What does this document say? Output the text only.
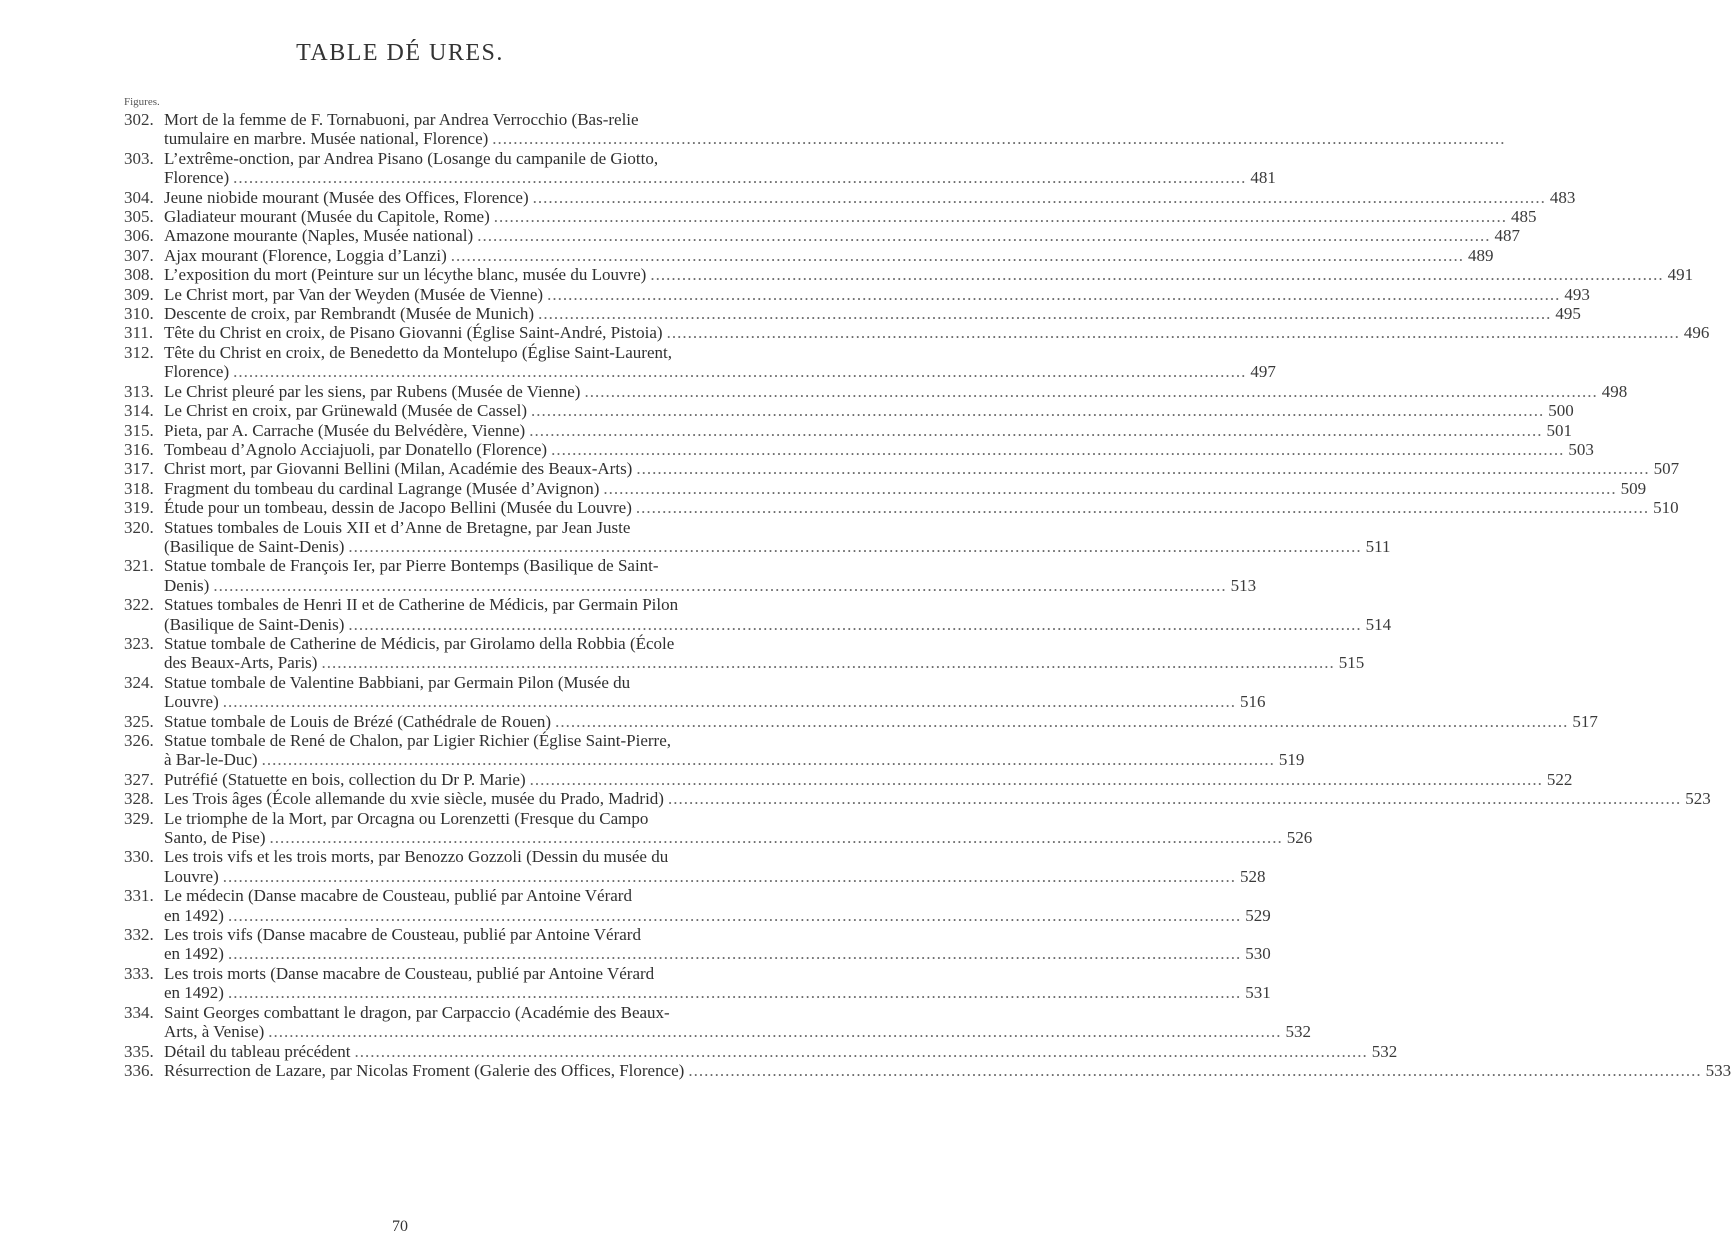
TABLE DÉ URES.
Figures.
302. Mort de la femme de F. Tornabuoni, par Andrea Verrocchio (Bas-relie
tumulaire en marbre. Musée national, Florence)
.....
303. L’extrême-onction, par Andrea Pisano (Losange du campanile de Giotto,
Florence) .....	481
304. Jeune niobide mourant (Musée des Offices, Florence) .....	483
305. Gladiateur mourant (Musée du Capitole, Rome) .....	485
306. Amazone mourante (Naples, Musée national) .....	487
307. Ajax mourant (Florence, Loggia d’Lanzi) .....	489
308. L’exposition du mort (Peinture sur un lécythe blanc, musée du Louvre) .....	491
309. Le Christ mort, par Van der Weyden (Musée de Vienne) .....	493
310. Descente de croix, par Rembrandt (Musée de Munich) .....	495
311. Tête du Christ en croix, de Pisano Giovanni (Église Saint-André, Pistoia) .....	496
312. Tête du Christ en croix, de Benedetto da Montelupo (Église Saint-Laurent,
Florence) .....	497
313. Le Christ pleuré par les siens, par Rubens (Musée de Vienne) .....	498
314. Le Christ en croix, par Grünewald (Musée de Cassel) .....	500
315. Pieta, par A. Carrache (Musée du Belvédère, Vienne) .....	501
316. Tombeau d’Agnolo Acciajuoli, par Donatello (Florence) .....	503
317. Christ mort, par Giovanni Bellini (Milan, Académie des Beaux-Arts) .....	507
318. Fragment du tombeau du cardinal Lagrange (Musée d’Avignon) .....	509
319. Étude pour un tombeau, dessin de Jacopo Bellini (Musée du Louvre) .....	510
320. Statues tombales de Louis XII et d’Anne de Bretagne, par Jean Juste
(Basilique de Saint-Denis) .....	511
321. Statue tombale de François Ier, par Pierre Bontemps (Basilique de Saint-
Denis) .....	513
322. Statues tombales de Henri II et de Catherine de Médicis, par Germain Pilon
(Basilique de Saint-Denis) .....	514
323. Statue tombale de Catherine de Médicis, par Girolamo della Robbia (École
des Beaux-Arts, Paris) .....	515
324. Statue tombale de Valentine Babbiani, par Germain Pilon (Musée du
Louvre) .....	516
325. Statue tombale de Louis de Brézé (Cathédrale de Rouen) .....	517
326. Statue tombale de René de Chalon, par Ligier Richier (Église Saint-Pierre,
à Bar-le-Duc) .....	519
327. Putréfié (Statuette en bois, collection du Dr P. Marie) .....	522
328. Les Trois âges (École allemande du xvie siècle, musée du Prado, Madrid) .....	523
329. Le triomphe de la Mort, par Orcagna ou Lorenzetti (Fresque du Campo
Santo, de Pise) .....	526
330. Les trois vifs et les trois morts, par Benozzo Gozzoli (Dessin du musée du
Louvre) .....	528
331. Le médecin (Danse macabre de Cousteau, publié par Antoine Vérard
en 1492) .....	529
332. Les trois vifs (Danse macabre de Cousteau, publié par Antoine Vérard
en 1492) .....	530
333. Les trois morts (Danse macabre de Cousteau, publié par Antoine Vérard
en 1492) .....	531
334. Saint Georges combattant le dragon, par Carpaccio (Académie des Beaux-
Arts, à Venise) .....	532
335. Détail du tableau précédent .....	532
336. Résurrection de Lazare, par Nicolas Froment (Galerie des Offices, Florence) .....	533
70
